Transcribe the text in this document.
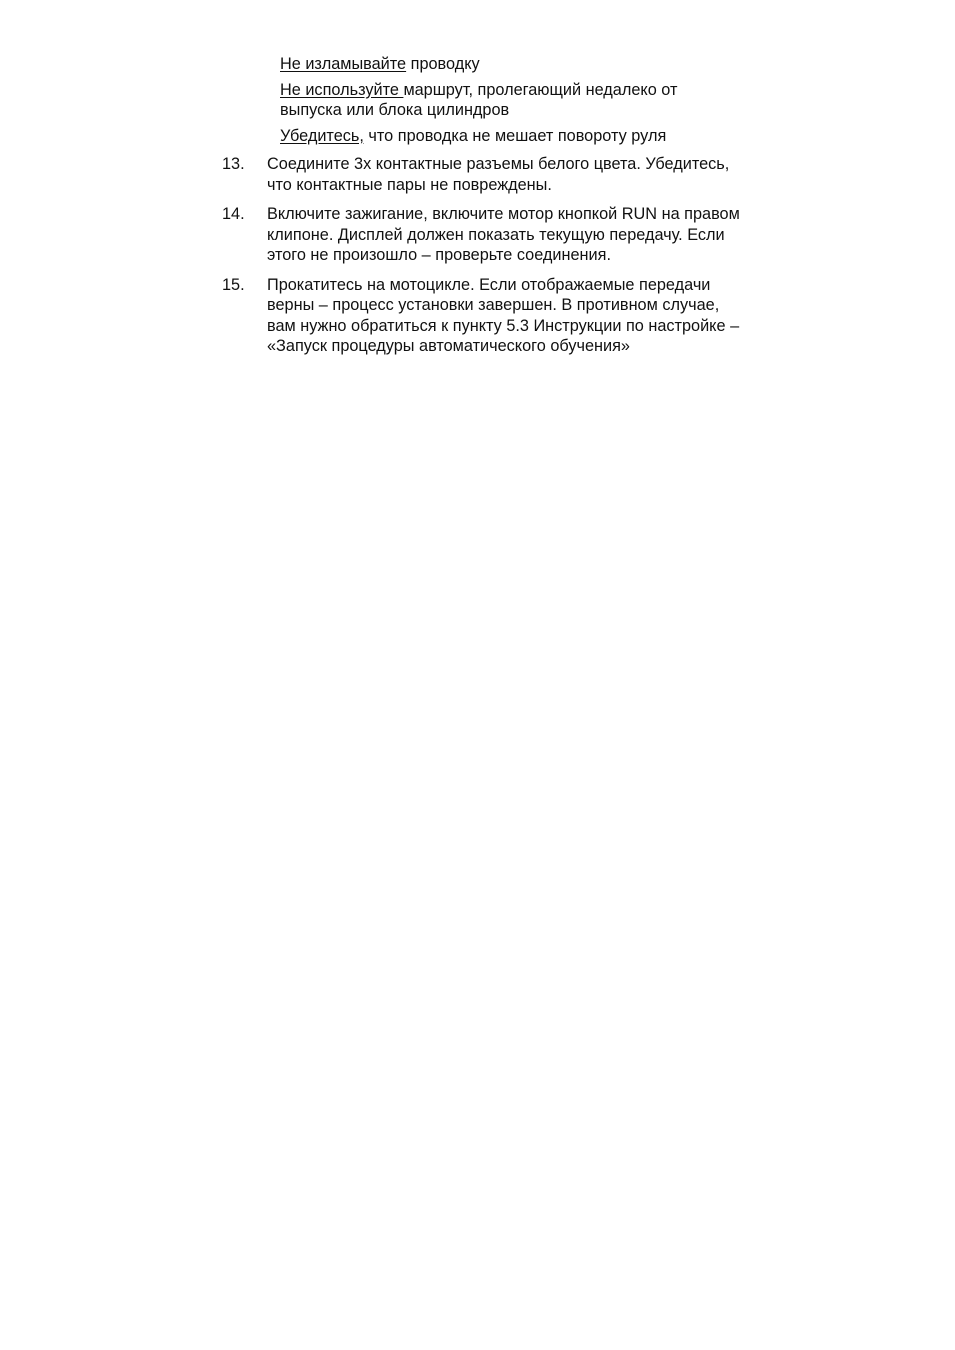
Не изламывайте проводку
Не используйте маршрут, пролегающий недалеко от выпуска или блока цилиндров
Убедитесь, что проводка не мешает повороту руля
13.	Соедините 3х контактные разъемы белого цвета. Убедитесь, что контактные пары не повреждены.
14.	Включите зажигание, включите мотор кнопкой RUN на правом клипоне. Дисплей должен показать текущую передачу. Если этого не произошло – проверьте соединения.
15.	Прокатитесь на мотоцикле. Если отображаемые передачи верны – процесс установки завершен. В противном случае, вам нужно обратиться к пункту 5.3 Инструкции по настройке – «Запуск процедуры автоматического обучения»
